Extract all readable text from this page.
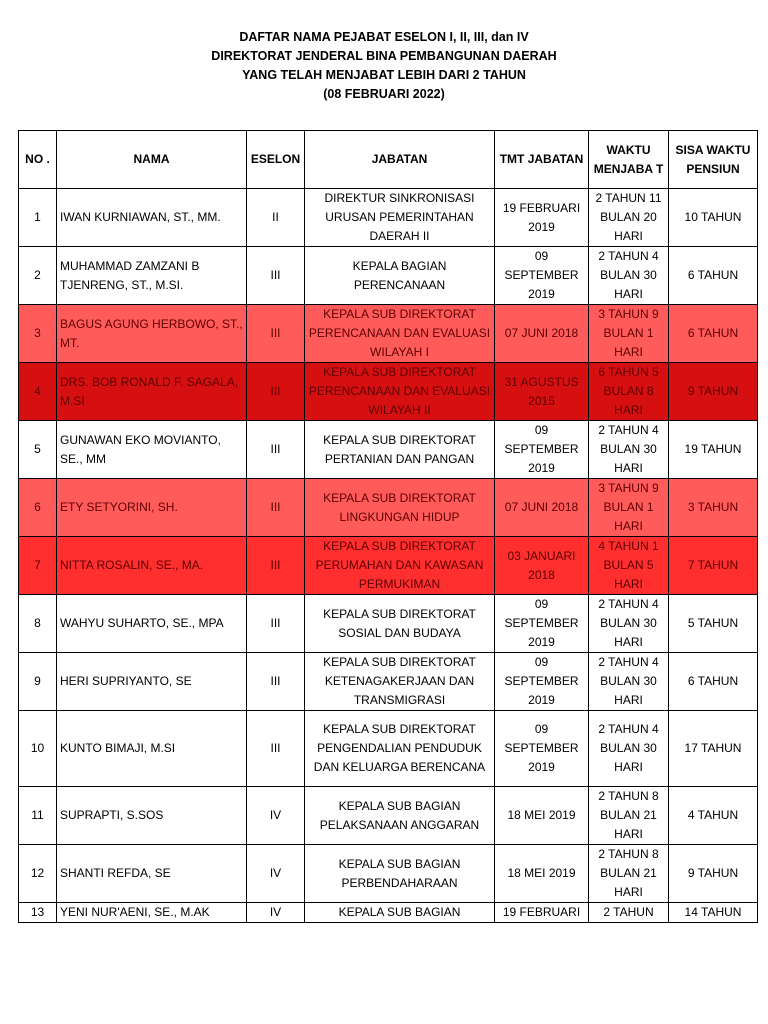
DAFTAR NAMA PEJABAT ESELON I, II, III, dan IV
DIREKTORAT JENDERAL BINA PEMBANGUNAN DAERAH
YANG TELAH MENJABAT LEBIH DARI 2 TAHUN
(08 FEBRUARI 2022)
NO .	NAMA	ESELON	JABATAN	TMT JABATAN	WAKTU MENJABA T	SISA WAKTU PENSIUN
1	IWAN KURNIAWAN, ST., MM.	II	DIREKTUR SINKRONISASI URUSAN PEMERINTAHAN DAERAH II	19 FEBRUARI 2019	2 TAHUN 11 BULAN 20 HARI	10 TAHUN
2	MUHAMMAD ZAMZANI B TJENRENG, ST., M.SI.	III	KEPALA BAGIAN PERENCANAAN	09 SEPTEMBER 2019	2 TAHUN 4 BULAN 30 HARI	6 TAHUN
3	BAGUS AGUNG HERBOWO, ST., MT.	III	KEPALA SUB DIREKTORAT PERENCANAAN DAN EVALUASI WILAYAH I	07 JUNI 2018	3 TAHUN 9 BULAN 1 HARI	6 TAHUN
4	DRS. BOB RONALD F. SAGALA, M.SI	III	KEPALA SUB DIREKTORAT PERENCANAAN DAN EVALUASI WILAYAH II	31 AGUSTUS 2015	6 TAHUN 5 BULAN 8 HARI	9 TAHUN
5	GUNAWAN EKO MOVIANTO, SE., MM	III	KEPALA SUB DIREKTORAT PERTANIAN DAN PANGAN	09 SEPTEMBER 2019	2 TAHUN 4 BULAN 30 HARI	19 TAHUN
6	ETY SETYORINI, SH.	III	KEPALA SUB DIREKTORAT LINGKUNGAN HIDUP	07 JUNI 2018	3 TAHUN 9 BULAN 1 HARI	3 TAHUN
7	NITTA ROSALIN, SE., MA.	III	KEPALA SUB DIREKTORAT PERUMAHAN DAN KAWASAN PERMUKIMAN	03 JANUARI 2018	4 TAHUN 1 BULAN 5 HARI	7 TAHUN
8	WAHYU SUHARTO, SE., MPA	III	KEPALA SUB DIREKTORAT SOSIAL DAN BUDAYA	09 SEPTEMBER 2019	2 TAHUN 4 BULAN 30 HARI	5 TAHUN
9	HERI SUPRIYANTO, SE	III	KEPALA SUB DIREKTORAT KETENAGAKERJAAN DAN TRANSMIGRASI	09 SEPTEMBER 2019	2 TAHUN 4 BULAN 30 HARI	6 TAHUN
10	KUNTO BIMAJI, M.SI	III	KEPALA SUB DIREKTORAT PENGENDALIAN PENDUDUK DAN KELUARGA BERENCANA	09 SEPTEMBER 2019	2 TAHUN 4 BULAN 30 HARI	17 TAHUN
11	SUPRAPTI, S.SOS	IV	KEPALA SUB BAGIAN PELAKSANAAN ANGGARAN	18 MEI 2019	2 TAHUN 8 BULAN 21 HARI	4 TAHUN
12	SHANTI REFDA, SE	IV	KEPALA SUB BAGIAN PERBENDAHARAAN	18 MEI 2019	2 TAHUN 8 BULAN 21 HARI	9 TAHUN
13	YENI NUR'AENI, SE., M.AK	IV	KEPALA SUB BAGIAN	19 FEBRUARI	2 TAHUN	14 TAHUN
